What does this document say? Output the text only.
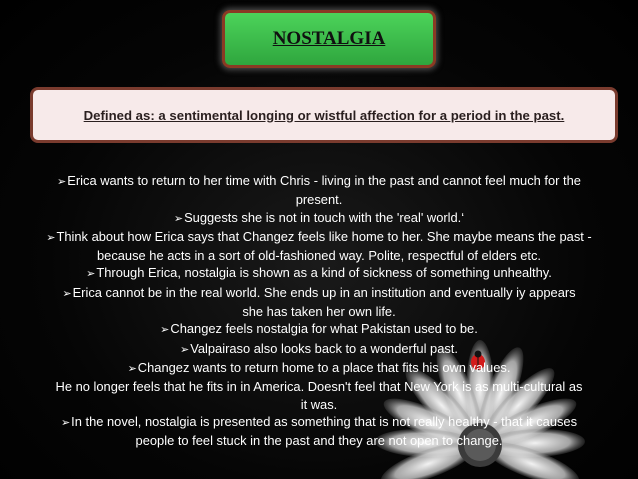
NOSTALGIA
Defined as: a sentimental longing or wistful affection for a period in the past.
➢Erica wants to return to her time with Chris - living in the past and cannot feel much for the
present.
➢Suggests she is not in touch with the 'real' world.‘
➢Think about how Erica says that Changez feels like home to her. She maybe means the past -
because he acts in a sort of old-fashioned way. Polite, respectful of elders etc.
➢Through Erica, nostalgia is shown as a kind of sickness of something unhealthy.
➢Erica cannot be in the real world. She ends up in an institution and eventually iy appears
she has taken her own life.
➢Changez feels nostalgia for what Pakistan used to be.
➢Valpairaso also looks back to a wonderful past.
➢Changez wants to return home to a place that fits his own values.
He no longer feels that he fits in in America. Doesn't feel that New York is as multi-cultural as
it was.
➢In the novel, nostalgia is presented as something that is not really healthy - that it causes
people to feel stuck in the past and they are not open to change.
